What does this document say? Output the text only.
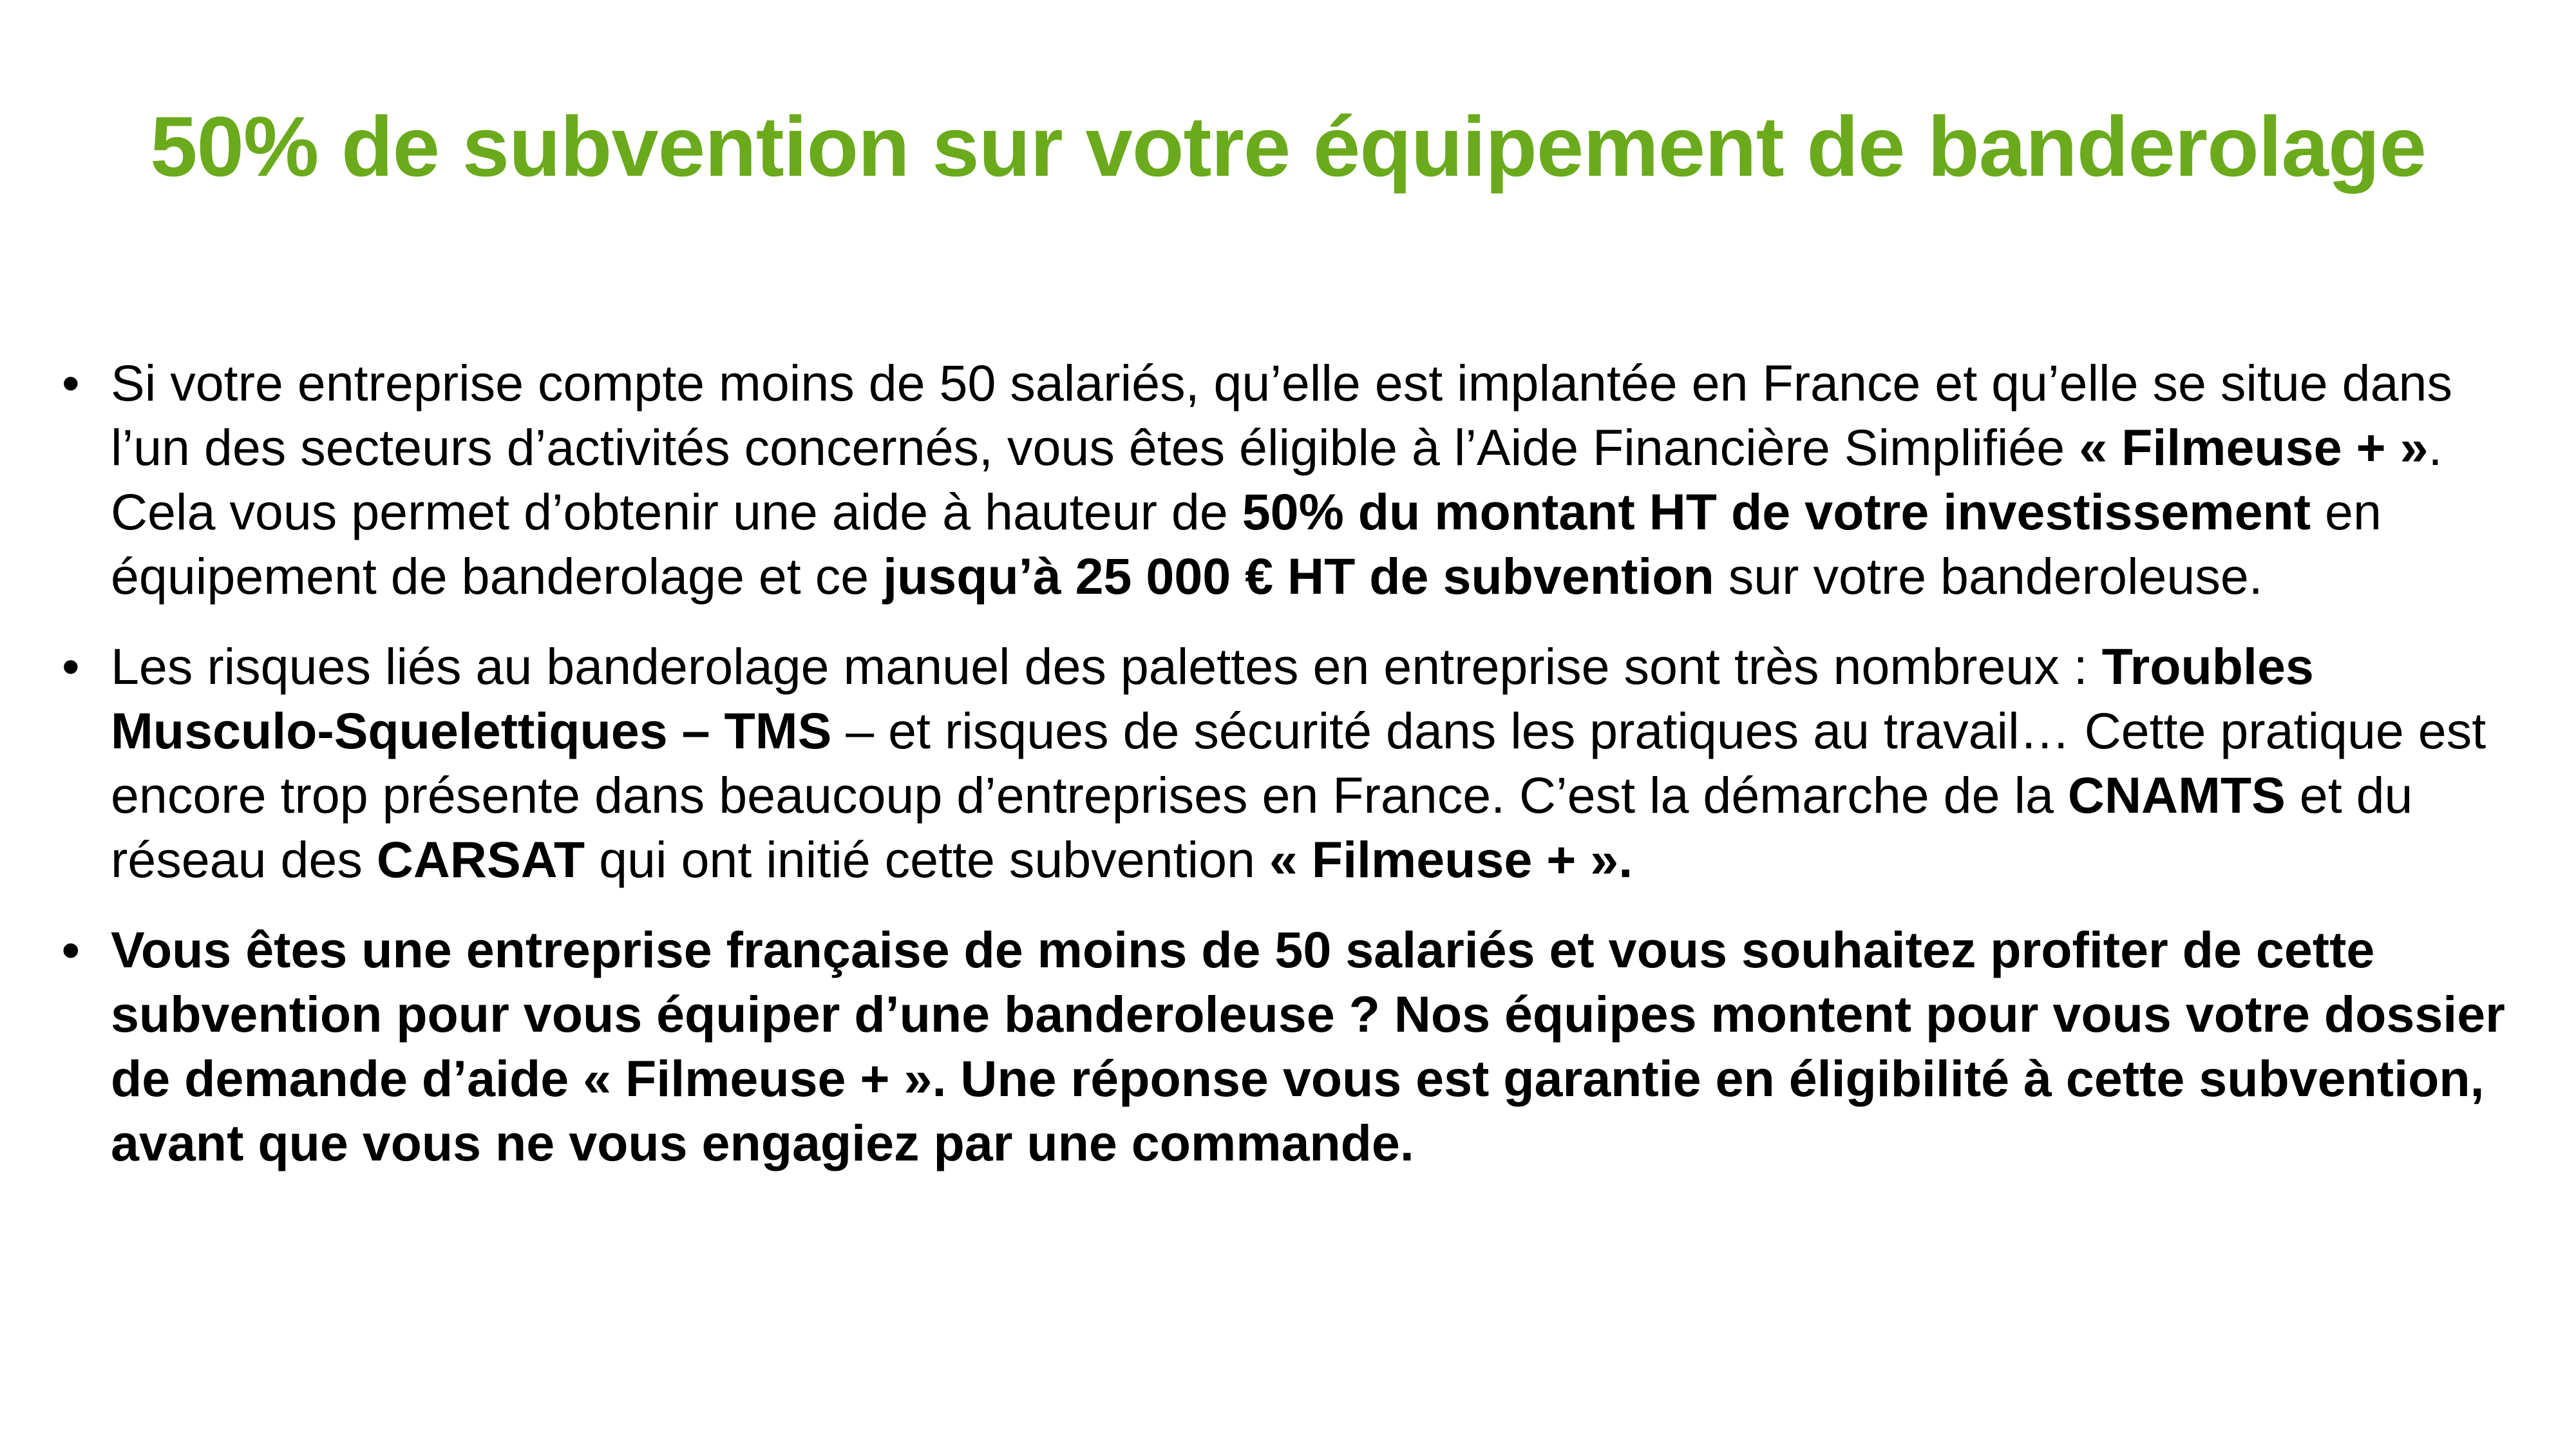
50% de subvention sur votre équipement de banderolage
• Si votre entreprise compte moins de 50 salariés, qu’elle est implantée en France et qu’elle se situe dans l’un des secteurs d’activités concernés, vous êtes éligible à l’Aide Financière Simplifiée « Filmeuse + ». Cela vous permet d’obtenir une aide à hauteur de 50% du montant HT de votre investissement en équipement de banderolage et ce jusqu’à 25 000 € HT de subvention sur votre banderoleuse.
• Les risques liés au banderolage manuel des palettes en entreprise sont très nombreux : Troubles Musculo-Squelettiques – TMS – et risques de sécurité dans les pratiques au travail… Cette pratique est encore trop présente dans beaucoup d’entreprises en France. C’est la démarche de la CNAMTS et du réseau des CARSAT qui ont initié cette subvention « Filmeuse + ».
• Vous êtes une entreprise française de moins de 50 salariés et vous souhaitez profiter de cette subvention pour vous équiper d’une banderoleuse ? Nos équipes montent pour vous votre dossier de demande d’aide « Filmeuse + ». Une réponse vous est garantie en éligibilité à cette subvention, avant que vous ne vous engagiez par une commande.
